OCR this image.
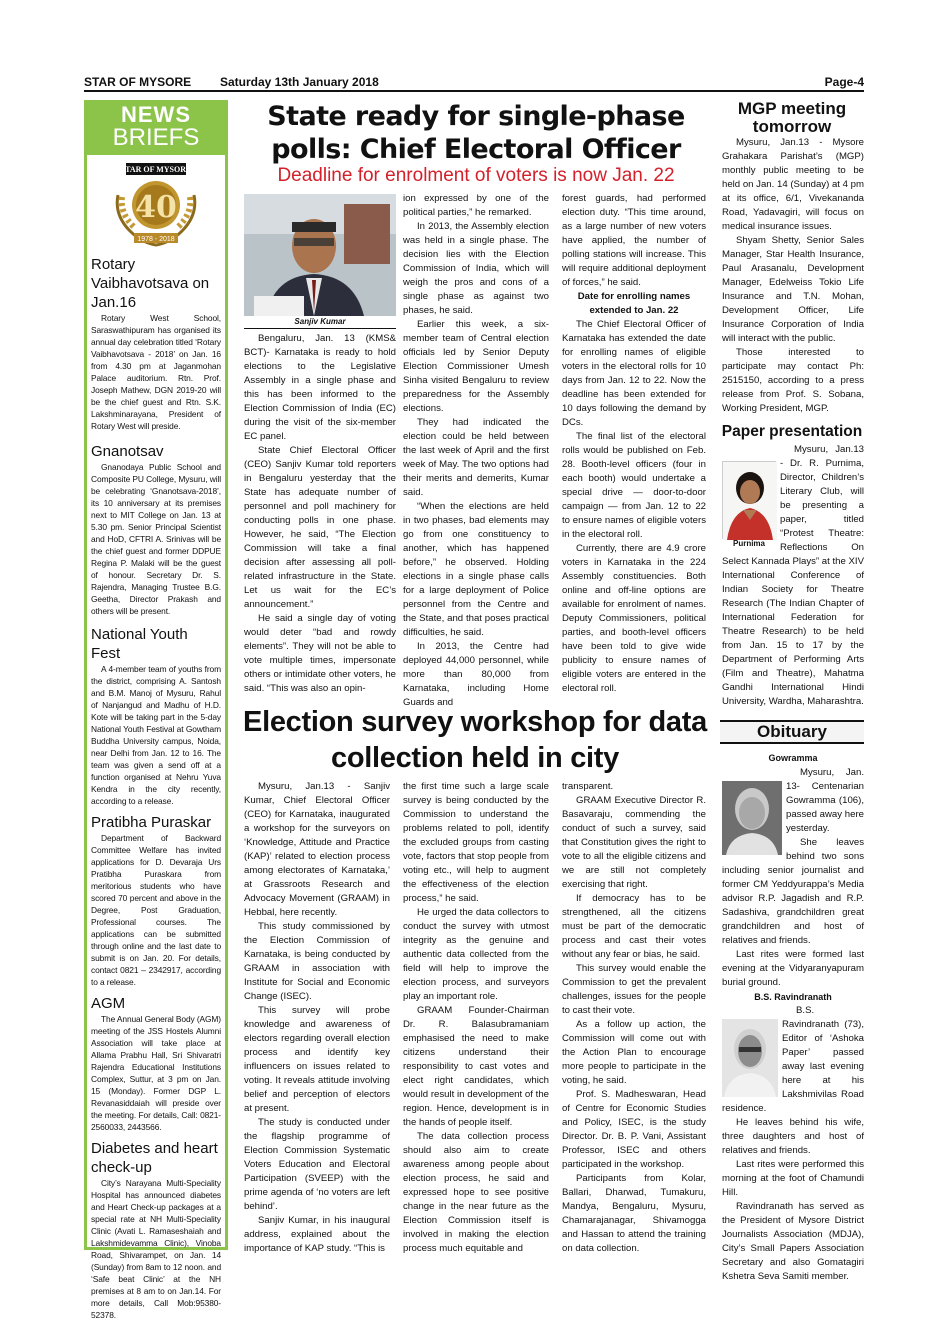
STAR OF MYSORE Saturday 13th January 2018	Page-4
NEWS
BRIEFS
STAR OF MYSORE
40
1978 - 2018
Rotary Vaibhavotsava on Jan.16
Rotary West School, Saraswathipuram has organised its annual day celebration titled ‘Rotary Vaibhavotsava - 2018’ on Jan. 16 from 4.30 pm at Jaganmohan Palace auditorium. Rtn. Prof. Joseph Mathew, DGN 2019-20 will be the chief guest and Rtn. S.K. Lakshminarayana, President of Rotary West will preside.
Gnanotsav
Gnanodaya Public School and Composite PU College, Mysuru, will be celebrating ‘Gnanotsava-2018’, its 10 anniversary at its premises next to MIT College on Jan. 13 at 5.30 pm. Senior Principal Scientist and HoD, CFTRI A. Srinivas will be the chief guest and former DDPUE Regina P. Malaki will be the guest of honour. Secretary Dr. S. Rajendra, Managing Trustee B.G. Geetha, Director Prakash and others will be present.
National Youth Fest
A 4-member team of youths from the district, comprising A. Santosh and B.M. Manoj of Mysuru, Rahul of Nanjangud and Madhu of H.D. Kote will be taking part in the 5-day National Youth Festival at Gowtham Buddha University campus, Noida, near Delhi from Jan. 12 to 16. The team was given a send off at a function organised at Nehru Yuva Kendra in the city recently, according to a release.
Pratibha Puraskar
Department of Backward Committee Welfare has invited applications for D. Devaraja Urs Pratibha Puraskara from meritorious students who have scored 70 percent and above in the Degree, Post Graduation, Professional courses. The applications can be submitted through online and the last date to submit is on Jan. 20. For details, contact 0821 – 2342917, according to a release.
AGM
The Annual General Body (AGM) meeting of the JSS Hostels Alumni Association will take place at Allama Prabhu Hall, Sri Shivaratri Rajendra Educational Institutions Complex, Suttur, at 3 pm on Jan. 15 (Monday). Former DGP L. Revanasiddaiah will preside over the meeting. For details, Call: 0821-2560033, 2443566.
Diabetes and heart check-up
City’s Narayana Multi-Speciality Hospital has announced diabetes and Heart Check-up packages at a special rate at NH Multi-Speciality Clinic (Avati L. Ramaseshaiah and Lakshmidevamma Clinic), Vinoba Road, Shivarampet, on Jan. 14 (Sunday) from 8am to 12 noon. and ‘Safe beat Clinic’ at the NH premises at 8 am to on Jan.14. For more details, Call Mob:95380-52378.
State ready for single-phase polls: Chief Electoral Officer
Deadline for enrolment of voters is now Jan. 22
Sanjiv Kumar

Bengaluru, Jan. 13 (KMS& BCT)- Karnataka is ready to hold elections to the Legislative Assembly in a single phase and this has been informed to the Election Commission of India (EC) during the visit of the six-member EC panel.

State Chief Electoral Officer (CEO) Sanjiv Kumar told reporters in Bengaluru yesterday that the State has adequate number of personnel and poll machinery for conducting polls in one phase. However, he said, “The Election Commission will take a final decision after assessing all poll-related infrastructure in the State. Let us wait for the EC’s announcement.”

He said a single day of voting would deter “bad and rowdy elements”. They will not be able to vote multiple times, impersonate others or intimidate other voters, he said. “This was also an opin-

ion expressed by one of the political parties,” he remarked.

In 2013, the Assembly election was held in a single phase. The decision lies with the Election Commission of India, which will weigh the pros and cons of a single phase as against two phases, he said.

Earlier this week, a six-member team of Central election officials led by Senior Deputy Election Commissioner Umesh Sinha visited Bengaluru to review preparedness for the Assembly elections.

They had indicated the election could be held between the last week of April and the first week of May. The two options had their merits and demerits, Kumar said.

“When the elections are held in two phases, bad elements may go from one constituency to another, which has happened before,” he observed. Holding elections in a single phase calls for a large deployment of Police personnel from the Centre and the State, and that poses practical difficulties, he said.

In 2013, the Centre had deployed 44,000 personnel, while more than 80,000 from Karnataka, including Home Guards and

forest guards, had performed election duty. “This time around, as a large number of new voters have applied, the number of polling stations will increase. This will require additional deployment of forces,” he said.

Date for enrolling names extended to Jan. 22

The Chief Electoral Officer of Karnataka has extended the date for enrolling names of eligible voters in the electoral rolls for 10 days from Jan. 12 to 22. Now the deadline has been extended for 10 days following the demand by DCs.

The final list of the electoral rolls would be published on Feb. 28. Booth-level officers (four in each booth) would undertake a special drive — door-to-door campaign — from Jan. 12 to 22 to ensure names of eligible voters in the electoral roll.

Currently, there are 4.9 crore voters in Karnataka in the 224 Assembly constituencies. Both online and off-line options are available for enrolment of names. Deputy Commissioners, political parties, and booth-level officers have been told to give wide publicity to ensure names of eligible voters are entered in the electoral roll.

Election survey workshop for data collection held in city

Mysuru, Jan.13 - Sanjiv Kumar, Chief Electoral Officer (CEO) for Karnataka, inaugurated a workshop for the surveyors on ‘Knowledge, Attitude and Practice (KAP)’ related to election process among electorates of Karnataka,’ at Grassroots Research and Advocacy Movement (GRAAM) in Hebbal, here recently.

This study commissioned by the Election Commission of Karnataka, is being conducted by GRAAM in association with Institute for Social and Economic Change (ISEC).

This survey will probe knowledge and awareness of electors regarding overall election process and identify key influencers on issues related to voting. It reveals attitude involving belief and perception of electors at present.

The study is conducted under the flagship programme of Election Commission Systematic Voters Education and Electoral Participation (SVEEP) with the prime agenda of ‘no voters are left behind’.

Sanjiv Kumar, in his inaugural address, explained about the importance of KAP study. “This is

the first time such a large scale survey is being conducted by the Commission to understand the problems related to poll, identify the excluded groups from casting vote, factors that stop people from voting etc., will help to augment the effectiveness of the election process,” he said.

He urged the data collectors to conduct the survey with utmost integrity as the genuine and authentic data collected from the field will help to improve the election process, and surveyors play an important role.

GRAAM Founder-Chairman Dr. R. Balasubramaniam emphasised the need to make citizens understand their responsibility to cast votes and elect right candidates, which would result in development of the region. Hence, development is in the hands of people itself.

The data collection process should also aim to create awareness among people about election process, he said and expressed hope to see positive change in the near future as the Election Commission itself is involved in making the election process much equitable and

transparent.

GRAAM Executive Director R. Basavaraju, commending the conduct of such a survey, said that Constitution gives the right to vote to all the eligible citizens and we are still not completely exercising that right.

If democracy has to be strengthened, all the citizens must be part of the democratic process and cast their votes without any fear or bias, he said.

This survey would enable the Commission to get the prevalent challenges, issues for the people to cast their vote.

As a follow up action, the Commission will come out with the Action Plan to encourage more people to participate in the voting, he said.

Prof. S. Madheswaran, Head of Centre for Economic Studies and Policy, ISEC, is the study Director. Dr. B. P. Vani, Assistant Professor, ISEC and others participated in the workshop.

Participants from Kolar, Ballari, Dharwad, Tumakuru, Mandya, Bengaluru, Mysuru, Chamarajanagar, Shivamogga and Hassan to attend the training on data collection.

MGP meeting tomorrow

Mysuru, Jan.13 - Mysore Grahakara Parishat’s (MGP) monthly public meeting to be held on Jan. 14 (Sunday) at 4 pm at its office, 6/1, Vivekananda Road, Yadavagiri, will focus on medical insurance issues.

Shyam Shetty, Senior Sales Manager, Star Health Insurance, Paul Arasanalu, Development Manager, Edelweiss Tokio Life Insurance and T.N. Mohan, Development Officer, Life Insurance Corporation of India will interact with the public.

Those interested to participate may contact Ph: 2515150, according to a press release from Prof. S. Sobana, Working President, MGP.

Paper presentation
Purnima

Mysuru, Jan.13 - Dr. R. Purnima, Director, Children’s Literary Club, will be presenting a paper, titled “Protest Theatre: Reflections On Select Kannada Plays” at the XIV International Conference of Indian Society for Theatre Research (The Indian Chapter of International Federation for Theatre Research) to be held from Jan. 15 to 17 by the Department of Performing Arts (Film and Theatre), Mahatma Gandhi International Hindi University, Wardha, Maharashtra.

Obituary
Gowramma

Mysuru, Jan. 13- Centenarian Gowramma (106), passed away here yesterday.

She leaves behind two sons including senior journalist and former CM Yeddyurappa’s Media advisor R.P. Jagadish and R.P. Sadashiva, grandchildren great grandchildren and host of relatives and friends.

Last rites were formed last evening at the Vidyaranyapuram burial ground.

B.S. Ravindranath

B.S. Ravindranath (73), Editor of ‘Ashoka Paper’ passed away last evening here at his Lakshmivilas Road residence.

He leaves behind his wife, three daughters and host of relatives and friends.

Last rites were performed this morning at the foot of Chamundi Hill.

Ravindranath has served as the President of Mysore District Journalists Association (MDJA), City’s Small Papers Association Secretary and also Gomatagiri Kshetra Seva Samiti member.
